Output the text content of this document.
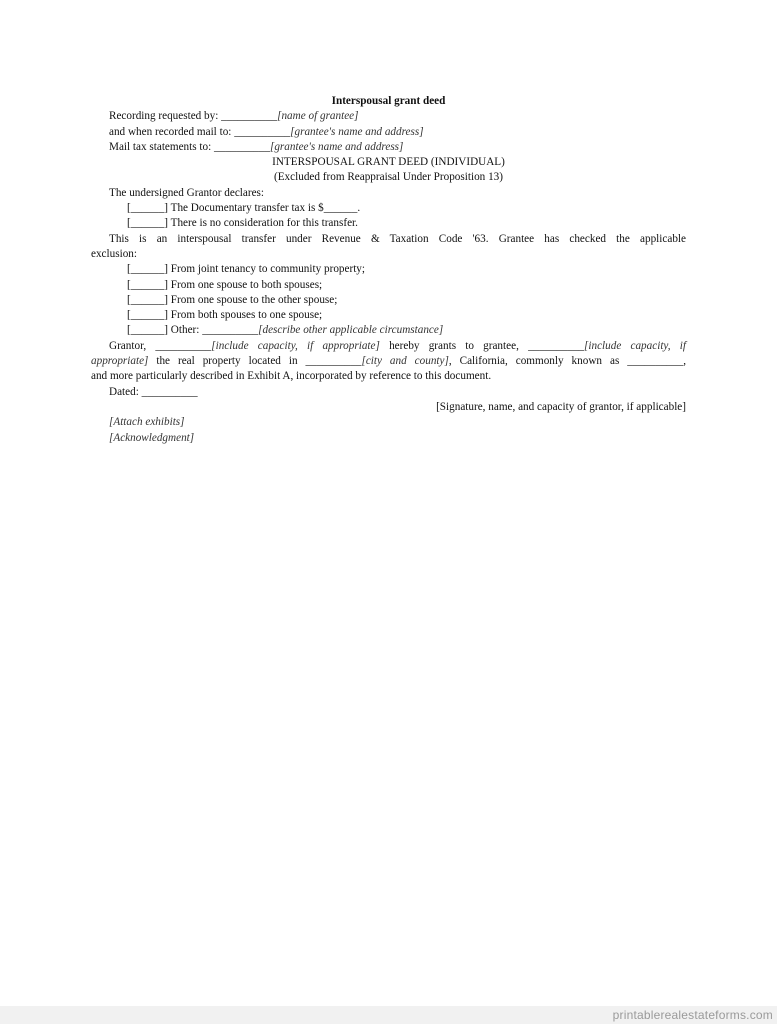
Interspousal grant deed
Recording requested by: __________[name of grantee]
and when recorded mail to: __________[grantee's name and address]
Mail tax statements to: __________[grantee's name and address]
INTERSPOUSAL GRANT DEED (INDIVIDUAL)
(Excluded from Reappraisal Under Proposition 13)
The undersigned Grantor declares:
[______] The Documentary transfer tax is $______.
[______] There is no consideration for this transfer.
This is an interspousal transfer under Revenue & Taxation Code '63. Grantee has checked the applicable
exclusion:
[______] From joint tenancy to community property;
[______] From one spouse to both spouses;
[______] From one spouse to the other spouse;
[______] From both spouses to one spouse;
[______] Other: __________[describe other applicable circumstance]
Grantor, __________[include capacity, if appropriate] hereby grants to grantee, __________[include capacity, if
appropriate] the real property located in __________[city and county], California, commonly known as __________,
and more particularly described in Exhibit A, incorporated by reference to this document.
Dated: __________
[Signature, name, and capacity of grantor, if applicable]
[Attach exhibits]
[Acknowledgment]
printablerealestateforms.com
